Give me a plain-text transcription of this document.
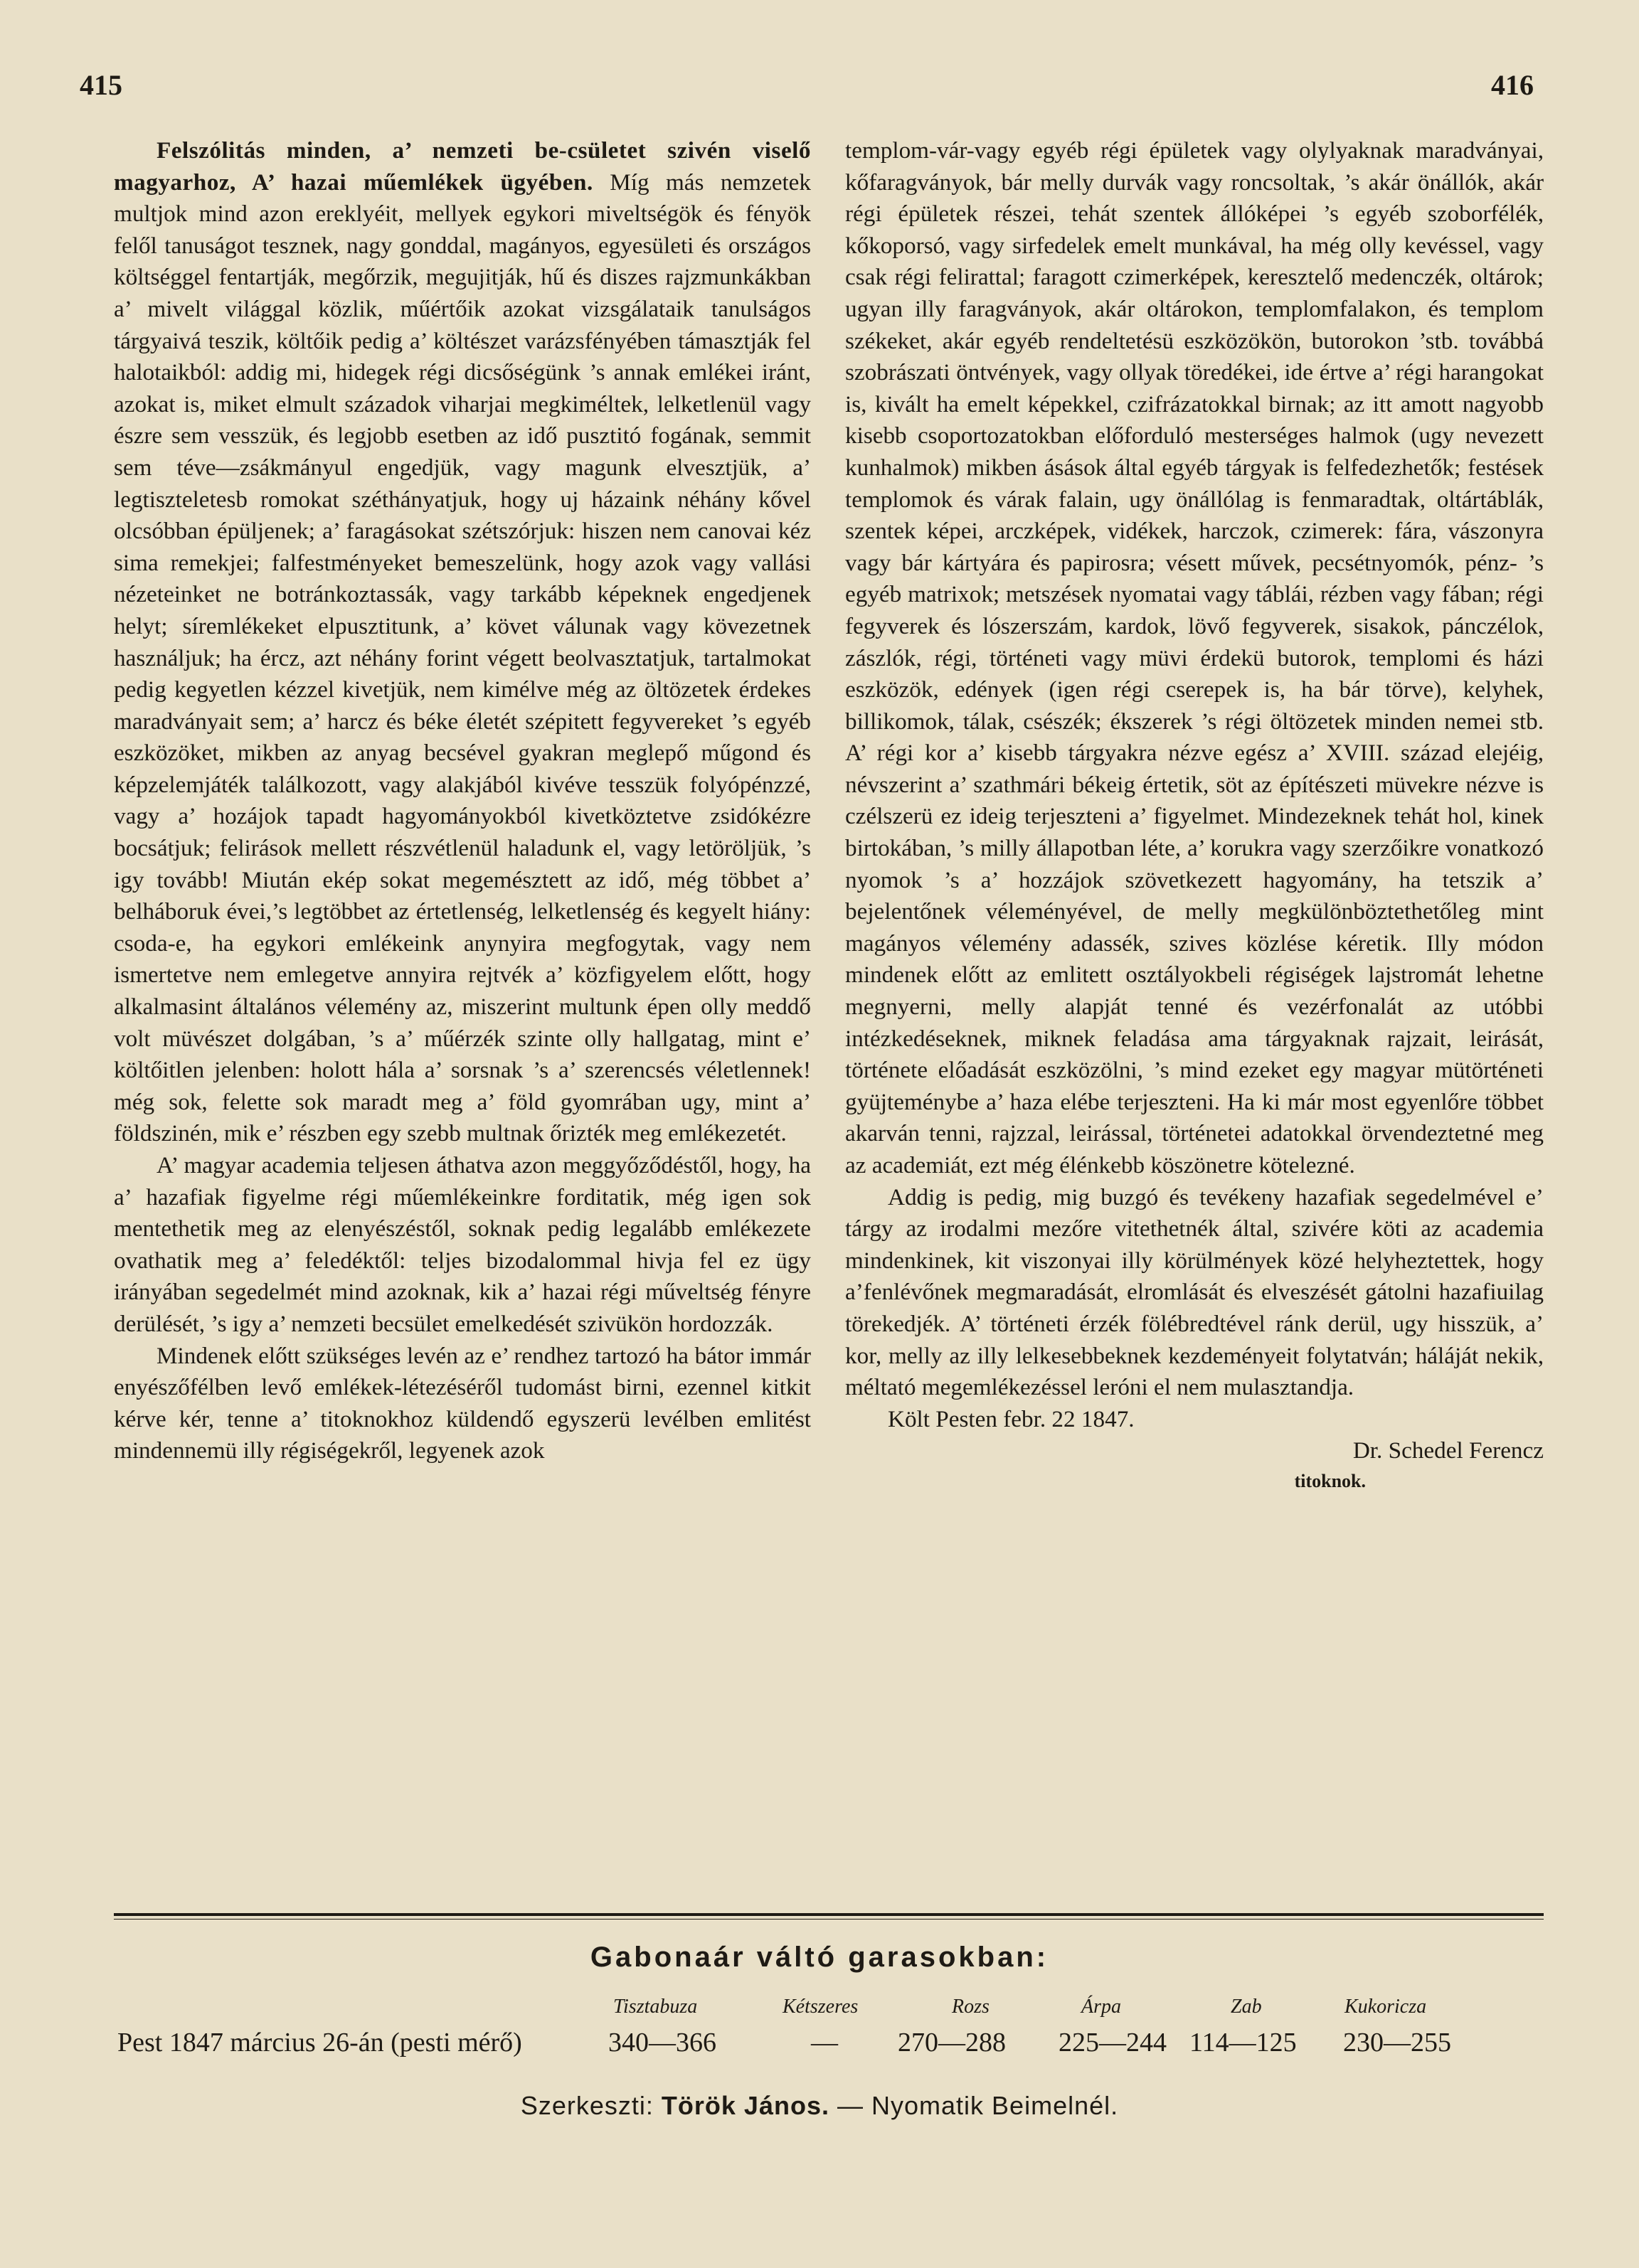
415	416

Felszólitás minden, a’ nemzeti be-csületet szivén viselő magyarhoz, A’ hazai műemlékek ügyében. Míg más nemzetek multjok mind azon ereklyéit, mellyek egykori miveltségök és fényök felől tanuságot tesznek, nagy gonddal, magányos, egyesületi és országos költséggel fentartják, megőrzik, megujitják, hű és diszes rajzmunkákban a’ mivelt világgal közlik, műértőik azokat vizsgálataik tanulságos tárgyaivá teszik, költőik pedig a’ költészet varázsfényében támasztják fel halotaikból: addig mi, hidegek régi dicsőségünk ’s annak emlékei iránt, azokat is, miket elmult századok viharjai megkiméltek, lelketlenül vagy észre sem vesszük, és legjobb esetben az idő pusztitó fogának, semmit sem téve—zsákmányul engedjük, vagy magunk elvesztjük, a’ legtiszteletesb romokat széthányatjuk, hogy uj házaink néhány kővel olcsóbban épüljenek; a’ faragásokat szétszórjuk: hiszen nem canovai kéz sima remekjei; falfestményeket bemeszelünk, hogy azok vagy vallási nézeteinket ne botránkoztassák, vagy tarkább képeknek engedjenek helyt; síremlékeket elpusztitunk, a’ követ válunak vagy kövezetnek használjuk; ha ércz, azt néhány forint végett beolvasztatjuk, tartalmokat pedig kegyetlen kézzel kivetjük, nem kimélve még az öltözetek érdekes maradványait sem; a’ harcz és béke életét szépitett fegyvereket ’s egyéb eszközöket, mikben az anyag becsével gyakran meglepő műgond és képzelemjáték találkozott, vagy alakjából kivéve tesszük folyópénzzé, vagy a’ hozájok tapadt hagyományokból kivetköztetve zsidókézre bocsátjuk; felirások mellett részvétlenül haladunk el, vagy letöröljük, ’s igy tovább! Miután ekép sokat megemésztett az idő, még többet a’ belháboruk évei,’s legtöbbet az értetlenség, lelketlenség és kegyelt hiány: csoda-e, ha egykori emlékeink anynyira megfogytak, vagy nem ismertetve nem emlegetve annyira rejtvék a’ közfigyelem előtt, hogy alkalmasint általános vélemény az, miszerint multunk épen olly meddő volt müvészet dolgában, ’s a’ műérzék szinte olly hallgatag, mint e’ költőitlen jelenben: holott hála a’ sorsnak ’s a’ szerencsés véletlennek! még sok, felette sok maradt meg a’ föld gyomrában ugy, mint a’ földszinén, mik e’ részben egy szebb multnak őrizték meg emlékezetét.

A’ magyar academia teljesen áthatva azon meggyőződéstől, hogy, ha a’ hazafiak figyelme régi műemlékeinkre forditatik, még igen sok mentethetik meg az elenyészéstől, soknak pedig legalább emlékezete ovathatik meg a’ feledéktől: teljes bizodalommal hivja fel ez ügy irányában segedelmét mind azoknak, kik a’ hazai régi műveltség fényre derülését, ’s igy a’ nemzeti becsület emelkedését szivükön hordozzák.

Mindenek előtt szükséges levén az e’ rendhez tartozó ha bátor immár enyészőfélben levő emlékek-létezéséről tudomást birni, ezennel kitkit kérve kér, tenne a’ titoknokhoz küldendő egyszerü levélben emlitést mindennemü illy régiségekről, legyenek azok

templom-vár-vagy egyéb régi épületek vagy olylyaknak maradványai, kőfaragványok, bár melly durvák vagy roncsoltak, ’s akár önállók, akár régi épületek részei, tehát szentek állóképei ’s egyéb szoborfélék, kőkoporsó, vagy sirfedelek emelt munkával, ha még olly kevéssel, vagy csak régi felirattal; faragott czimerképek, keresztelő medenczék, oltárok; ugyan illy faragványok, akár oltárokon, templomfalakon, és templom székeket, akár egyéb rendeltetésü eszközökön, butorokon ’stb. továbbá szobrászati öntvények, vagy ollyak töredékei, ide értve a’ régi harangokat is, kivált ha emelt képekkel, czifrázatokkal birnak; az itt amott nagyobb kisebb csoportozatokban előforduló mesterséges halmok (ugy nevezett kunhalmok) mikben ásások által egyéb tárgyak is felfedezhetők; festések templomok és várak falain, ugy önállólag is fenmaradtak, oltártáblák, szentek képei, arczképek, vidékek, harczok, czimerek: fára, vászonyra vagy bár kártyára és papirosra; vésett művek, pecsétnyomók, pénz- ’s egyéb matrixok; metszések nyomatai vagy táblái, rézben vagy fában; régi fegyverek és lószerszám, kardok, lövő fegyverek, sisakok, pánczélok, zászlók, régi, történeti vagy müvi érdekü butorok, templomi és házi eszközök, edények (igen régi cserepek is, ha bár törve), kelyhek, billikomok, tálak, csészék; ékszerek ’s régi öltözetek minden nemei stb. A’ régi kor a’ kisebb tárgyakra nézve egész a’ XVIII. század elejéig, névszerint a’ szathmári békeig értetik, söt az építészeti müvekre nézve is czélszerü ez ideig terjeszteni a’ figyelmet. Mindezeknek tehát hol, kinek birtokában, ’s milly állapotban léte, a’ korukra vagy szerzőikre vonatkozó nyomok ’s a’ hozzájok szövetkezett hagyomány, ha tetszik a’ bejelentőnek véleményével, de melly megkülönböztethetőleg mint magányos vélemény adassék, szives közlése kéretik. Illy módon mindenek előtt az emlitett osztályokbeli régiségek lajstromát lehetne megnyerni, melly alapját tenné és vezérfonalát az utóbbi intézkedéseknek, miknek feladása ama tárgyaknak rajzait, leirását, története előadását eszközölni, ’s mind ezeket egy magyar mütörténeti gyüjteménybe a’ haza elébe terjeszteni. Ha ki már most egyenlőre többet akarván tenni, rajzzal, leirással, történetei adatokkal örvendeztetné meg az academiát, ezt még élénkebb köszönetre kötelezné.

Addig is pedig, mig buzgó és tevékeny hazafiak segedelmével e’ tárgy az irodalmi mezőre vitethetnék által, szivére köti az academia mindenkinek, kit viszonyai illy körülmények közé helyheztettek, hogy a’fenlévőnek megmaradását, elromlását és elveszését gátolni hazafiuilag törekedjék. A’ történeti érzék fölébredtével ránk derül, ugy hisszük, a’ kor, melly az illy lelkesebbeknek kezdeményeit folytatván; háláját nekik, méltató megemlékezéssel leróni el nem mulasztandja.

Költ Pesten febr. 22 1847.

Dr. Schedel Ferencz

titoknok.

Gabonaár váltó garasokban:
Tisztabuza	Kétszeres	Rozs	Árpa	Zab	Kukoricza
Pest 1847 március 26-án (pesti mérő)	340—366	— 270—288 225—244 114—125 230—255
Szerkeszti: Török János. — Nyomatik Beimelnél.
